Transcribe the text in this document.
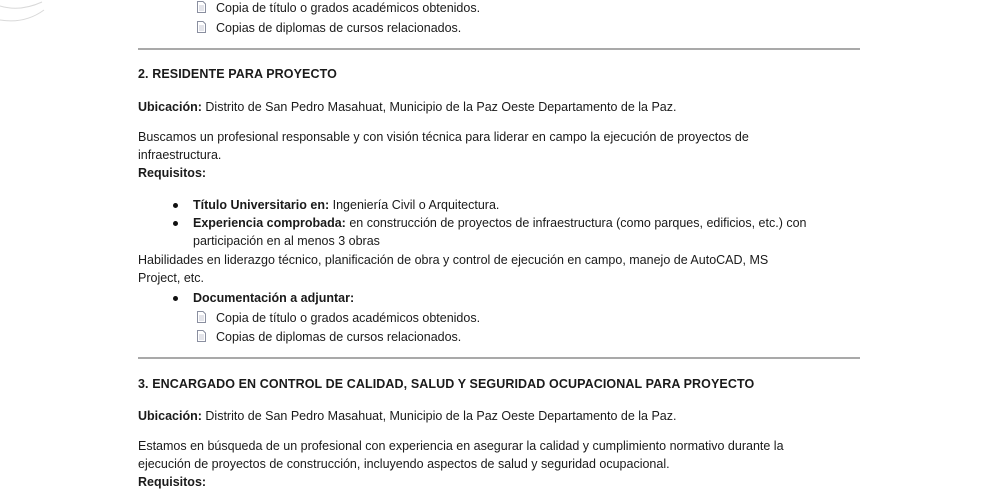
Copia de título o grados académicos obtenidos.
Copias de diplomas de cursos relacionados.
2. RESIDENTE PARA PROYECTO
Ubicación: Distrito de San Pedro Masahuat, Municipio de la Paz Oeste Departamento de la Paz.
Buscamos un profesional responsable y con visión técnica para liderar en campo la ejecución de proyectos de
infraestructura.
Requisitos:
Título Universitario en: Ingeniería Civil o Arquitectura.
Experiencia comprobada: en construcción de proyectos de infraestructura (como parques, edificios, etc.) con
participación en al menos 3 obras
Habilidades en liderazgo técnico, planificación de obra y control de ejecución en campo, manejo de AutoCAD, MS
Project, etc.
Documentación a adjuntar:
Copia de título o grados académicos obtenidos.
Copias de diplomas de cursos relacionados.
3. ENCARGADO EN CONTROL DE CALIDAD, SALUD Y SEGURIDAD OCUPACIONAL PARA PROYECTO
Ubicación: Distrito de San Pedro Masahuat, Municipio de la Paz Oeste Departamento de la Paz.
Estamos en búsqueda de un profesional con experiencia en asegurar la calidad y cumplimiento normativo durante la
ejecución de proyectos de construcción, incluyendo aspectos de salud y seguridad ocupacional.
Requisitos:
